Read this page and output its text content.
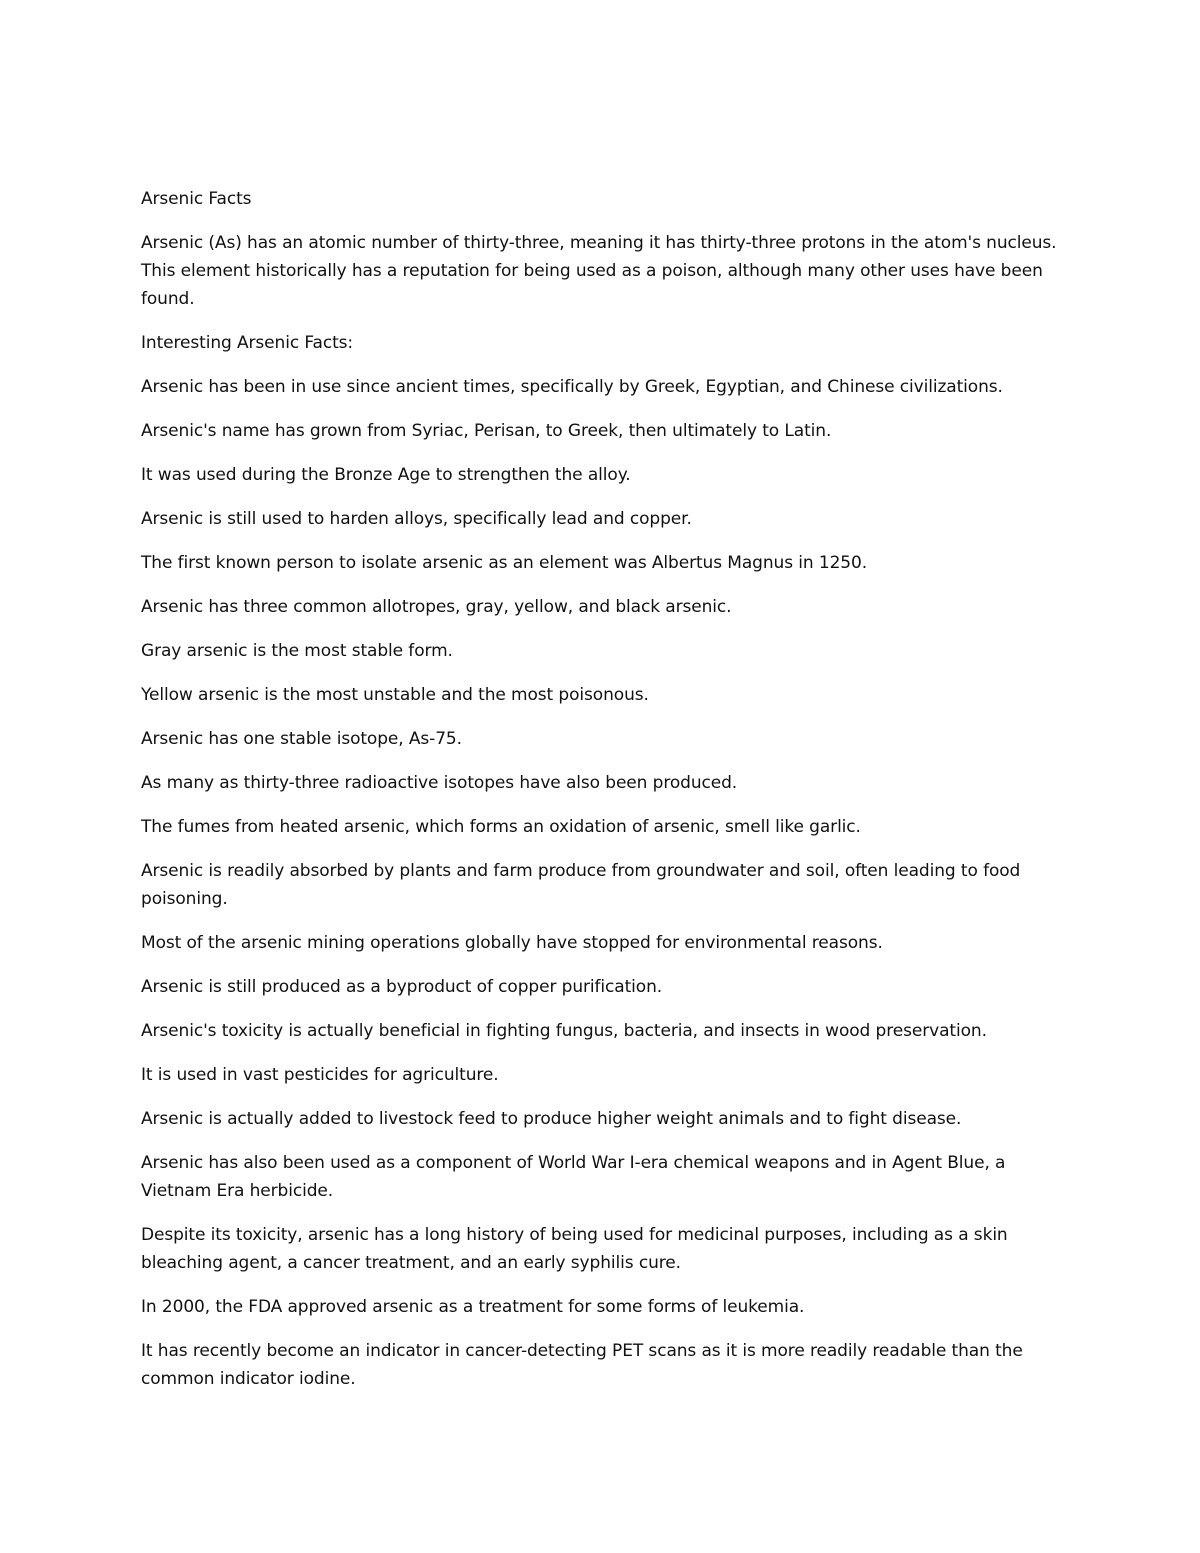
Arsenic Facts

Arsenic (As) has an atomic number of thirty-three, meaning it has thirty-three protons in the atom's nucleus. This element historically has a reputation for being used as a poison, although many other uses have been found.

Interesting Arsenic Facts:

Arsenic has been in use since ancient times, specifically by Greek, Egyptian, and Chinese civilizations.

Arsenic's name has grown from Syriac, Perisan, to Greek, then ultimately to Latin.

It was used during the Bronze Age to strengthen the alloy.

Arsenic is still used to harden alloys, specifically lead and copper.

The first known person to isolate arsenic as an element was Albertus Magnus in 1250.

Arsenic has three common allotropes, gray, yellow, and black arsenic.

Gray arsenic is the most stable form.

Yellow arsenic is the most unstable and the most poisonous.

Arsenic has one stable isotope, As-75.

As many as thirty-three radioactive isotopes have also been produced.

The fumes from heated arsenic, which forms an oxidation of arsenic, smell like garlic.

Arsenic is readily absorbed by plants and farm produce from groundwater and soil, often leading to food poisoning.

Most of the arsenic mining operations globally have stopped for environmental reasons.

Arsenic is still produced as a byproduct of copper purification.

Arsenic's toxicity is actually beneficial in fighting fungus, bacteria, and insects in wood preservation.

It is used in vast pesticides for agriculture.

Arsenic is actually added to livestock feed to produce higher weight animals and to fight disease.

Arsenic has also been used as a component of World War I-era chemical weapons and in Agent Blue, a Vietnam Era herbicide.

Despite its toxicity, arsenic has a long history of being used for medicinal purposes, including as a skin bleaching agent, a cancer treatment, and an early syphilis cure.

In 2000, the FDA approved arsenic as a treatment for some forms of leukemia.

It has recently become an indicator in cancer-detecting PET scans as it is more readily readable than the common indicator iodine.
